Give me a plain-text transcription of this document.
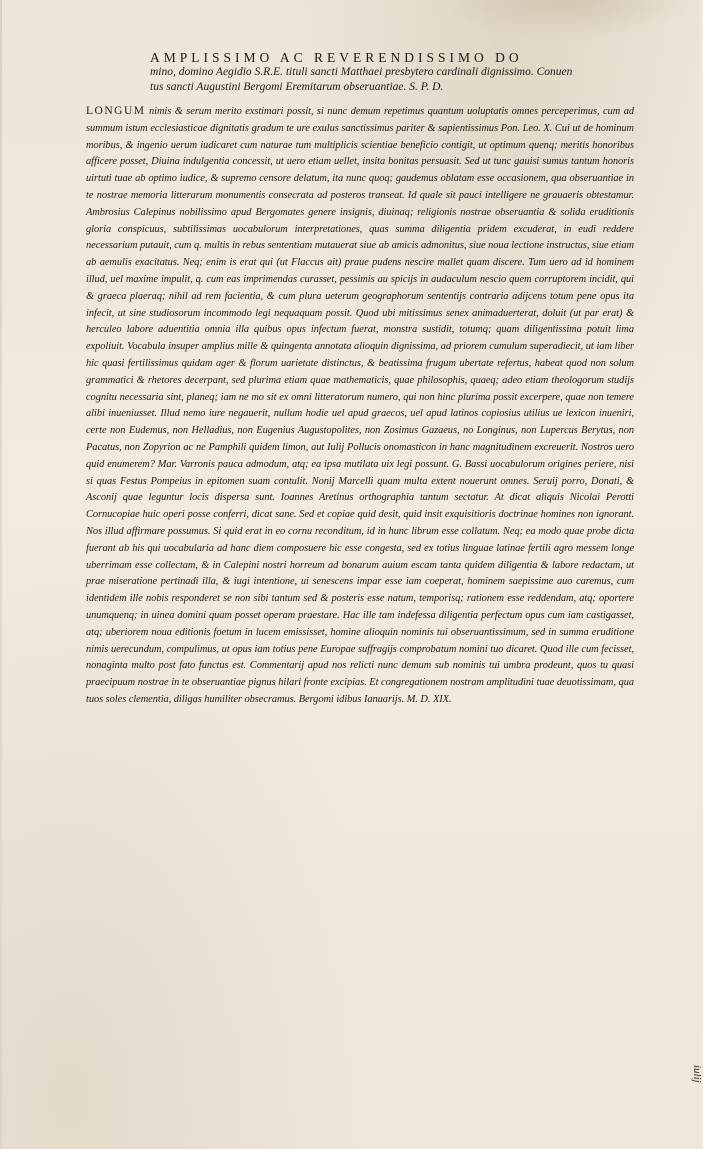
AMPLISSIMO AC REVERENDISSIMO DO
mino, domino Aegidio S.R.E. tituli sancti Matthaei presbytero cardinali dignissimo. Conuen
tus sancti Augustini Bergomi Eremitarum obseruantiae. S. P. D.
LONGUM nimis & serum merito exstimari possit, si nunc demum repetimus quantum uoluptatis omnes perceperimus, cum ad summum istum ecclesiasticae dignitatis gradum te ure exulus sanctissimus pariter & sapientissimus Pon. Leo. X. Cui ut de hominum moribus, & ingenio uerum iudicaret cum naturae tum multiplicis scientiae beneficio contigit, ut optimum quenq; meritis honoribus afficere posset, Diuina indulgentia concessit, ut uero etiam uellet, insita bonitas persuasit. Sed ut tunc gauisi sumus tantum honoris uirtuti tuae ab optimo iudice, & supremo censore delatum, ita nunc quoq; gaudemus oblatam esse occasionem, qua obseruantiae in te nostrae memoria litterarum monumentis consecrata ad posteros transeat. Id quale sit pauci intelligere ne grauaeris obtestamur. Ambrosius Calepinus nobilissimo apud Bergomates genere insignis, diuinaq; religionis nostrae obseruantia & solida eruditionis gloria conspicuus, subtilissimas uocabulorum interpretationes, quas summa diligentia pridem excuderat, in eudi reddere necessarium putauit, cum q. multis in rebus sententiam mutauerat siue ab amicis admonitus, siue noua lectione instructus, siue etiam ab aemulis exacitatus. Neq; enim is erat qui (ut Flaccus ait) praue pudens nescire mallet quam discere. Tum uero ad id hominem illud, uel maxime impulit, q. cum eas imprimendas curasset, pessimis au spicijs in audaculum nescio quem corruptorem incidit, qui & graeca plaeraq; nihil ad rem facientia, & cum plura ueterum geographorum sententijs contraria adijcens totum pene opus ita infecit, ut sine studiosorum incommodo legi nequaquam possit. Quod ubi mitissimus senex animaduerterat, doluit (ut par erat) & herculeo labore aduentitia omnia illa quibus opus infectum fuerat, monstra sustidit, totumq; quam diligentissima potuit lima expoliuit. Vocabula insuper amplius mille & quingenta annotata alioquin dignissima, ad priorem cumulum superadiecit, ut iam liber hic quasi fertilissimus quidam ager & florum uarietate distinctus, & beatissima frugum ubertate refertus, habeat quod non solum grammatici & rhetores decerpant, sed plurima etiam quae mathematicis, quae philosophis, quaeq; adeo etiam theologorum studijs cognitu necessaria sint, planeq; iam ne mo sit ex omni litteratorum numero, qui non hinc plurima possit excerpere, quae non temere alibi inueniusset. Illud nemo iure negauerit, nullum hodie uel apud graecos, uel apud latinos copiosius utilius ue lexicon inueniri, certe non Eudemus, non Helladius, non Eugenius Augustopolites, non Zosimus Gazaeus, no Longinus, non Lupercus Berytus, non Pacatus, non Zopyrion ac ne Pamphili quidem limon, aut Iulij Pollucis onomasticon in hanc magnitudinem excreuerit. Nostros uero quid enumerem? Mar. Varronis pauca admodum, atq; ea ipsa mutilata uix legi possunt. G. Bassi uocabulorum origines periere, nisi si quas Festus Pompeius in epitomen suam contulit. Nonij Marcelli quam multa extent nouerunt omnes. Seruij porro, Donati, & Asconij quae leguntur locis dispersa sunt. Ioannes Aretinus orthographia tantum sectatur. At dicat aliquis Nicolai Perotti Cornucopiae huic operi posse conferri, dicat sane. Sed et copiae quid desit, quid insit exquisitioris doctrinae homines non ignorant. Nos illud affirmare possumus. Si quid erat in eo cornu reconditum, id in hunc librum esse collatum. Neq; ea modo quae probe dicta fuerant ab his qui uocabularia ad hanc diem composuere hic esse congesta, sed ex totius linguae latinae fertili agro messem longe uberrimam esse collectam, & in Calepini nostri horreum ad bonarum auium escam tanta quidem diligentia & labore redactam, ut prae miseratione pertinadi illa, & iugi intentione, ui senescens impar esse iam coeperat, hominem saepissime auo caremus, cum identidem ille nobis responderet se non sibi tantum sed & posteris esse natum, temporisq; rationem esse reddendam, atq; oportere unumquenq; in uinea domini quam posset operam praestare. Hac ille tam indefessa diligentia perfectum opus cum iam castigasset, atq; uberiorem noua editionis foetum in lucem emississet, homine alioquin nominis tui obseruantissimum, sed in summa eruditione nimis uerecundum, compulimus, ut opus iam totius pene Europae suffragijs comprobatum nomini tuo dicaret. Quod ille cum fecisset, nonaginta multo post fato functus est. Commentarij apud nos relicti nunc demum sub nominis tui umbra prodeunt, quos tu quasi praecipuum nostrae in te obseruantiae pignus hilari fronte excipias. Et congregationem nostram amplitudini tuae deuotissimam, qua tuos soles clementia, diligas humiliter obsecramus. Bergomi idibus Ianuarijs. M. D. XIX.
iulij
